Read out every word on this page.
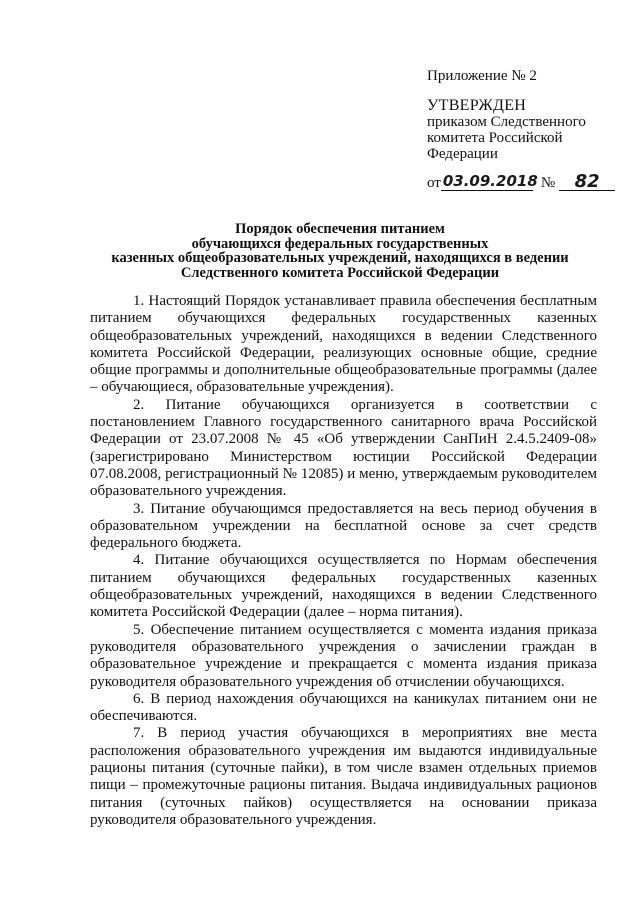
Приложение № 2
УТВЕРЖДЕН
приказом Следственного
комитета Российской
Федерации
от 03.09.2018 №	82
Порядок обеспечения питанием
обучающихся федеральных государственных
казенных общеобразовательных учреждений, находящихся в ведении
Следственного комитета Российской Федерации

1. Настоящий Порядок устанавливает правила обеспечения бесплатным питанием обучающихся федеральных государственных казенных общеобразовательных учреждений, находящихся в ведении Следственного комитета Российской Федерации, реализующих основные общие, средние общие программы и дополнительные общеобразовательные программы (далее – обучающиеся, образовательные учреждения).

2. Питание обучающихся организуется в соответствии с постановлением Главного государственного санитарного врача Российской Федерации от 23.07.2008 № 45 «Об утверждении СанПиН 2.4.5.2409-08» (зарегистрировано Министерством юстиции Российской Федерации 07.08.2008, регистрационный № 12085) и меню, утверждаемым руководителем образовательного учреждения.

3. Питание обучающимся предоставляется на весь период обучения в образовательном учреждении на бесплатной основе за счет средств федерального бюджета.

4. Питание обучающихся осуществляется по Нормам обеспечения питанием обучающихся федеральных государственных казенных общеобразовательных учреждений, находящихся в ведении Следственного комитета Российской Федерации (далее – норма питания).

5. Обеспечение питанием осуществляется с момента издания приказа руководителя образовательного учреждения о зачислении граждан в образовательное учреждение и прекращается с момента издания приказа руководителя образовательного учреждения об отчислении обучающихся.

6. В период нахождения обучающихся на каникулах питанием они не обеспечиваются.

7. В период участия обучающихся в мероприятиях вне места расположения образовательного учреждения им выдаются индивидуальные рационы питания (суточные пайки), в том числе взамен отдельных приемов пищи – промежуточные рационы питания. Выдача индивидуальных рационов питания (суточных пайков) осуществляется на основании приказа руководителя образовательного учреждения.
